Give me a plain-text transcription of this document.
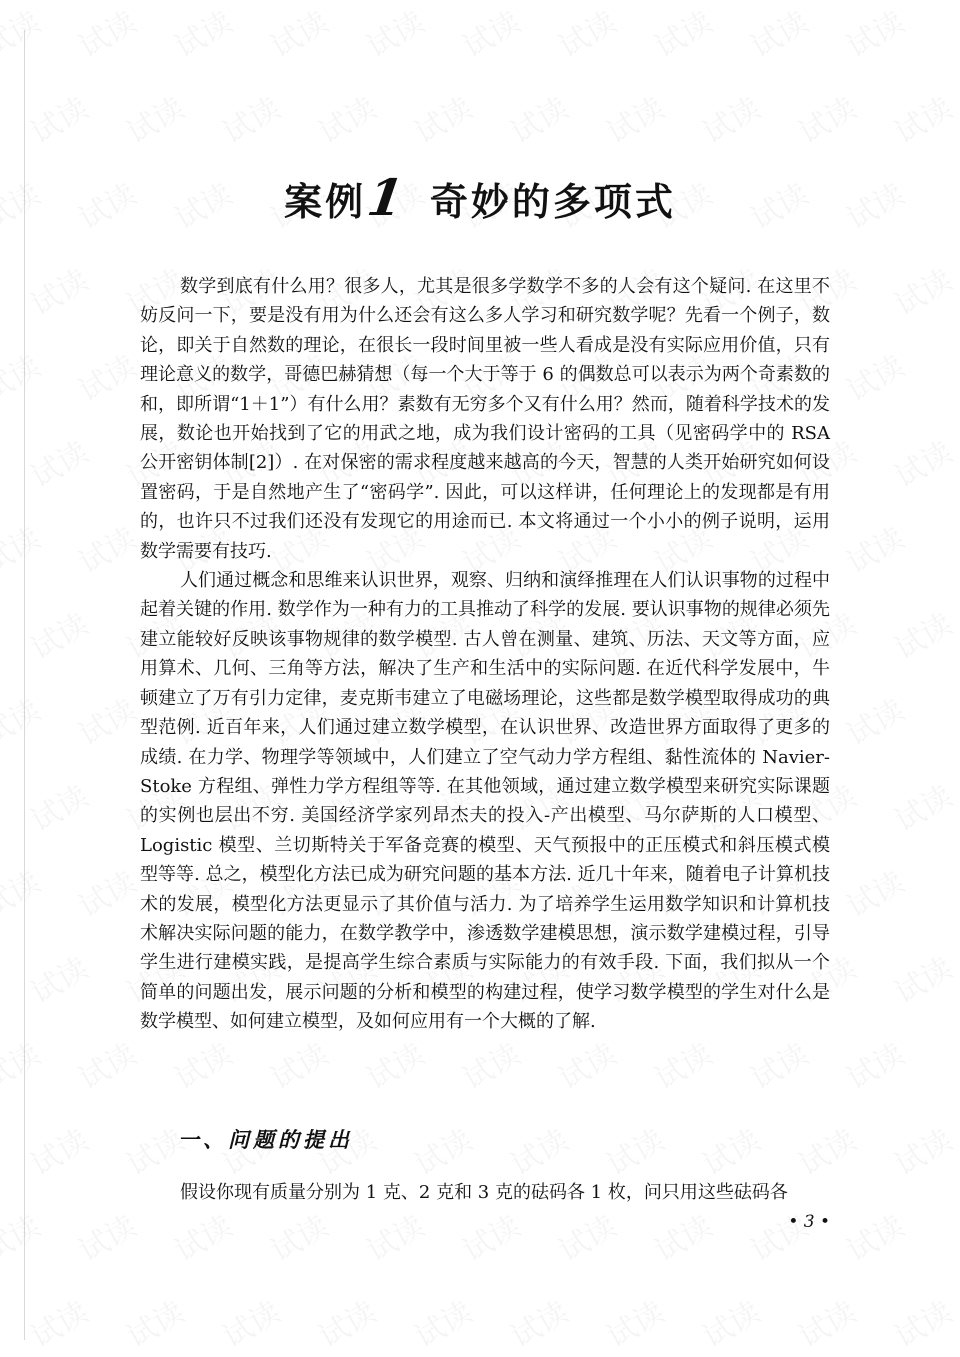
案例1 奇妙的多项式

数学到底有什么用？很多人，尤其是很多学数学不多的人会有这个疑问. 在这里不妨反问一下，要是没有用为什么还会有这么多人学习和研究数学呢？先看一个例子，数论，即关于自然数的理论，在很长一段时间里被一些人看成是没有实际应用价值，只有理论意义的数学，哥德巴赫猜想（每一个大于等于 6 的偶数总可以表示为两个奇素数的和，即所谓“1＋1”）有什么用？素数有无穷多个又有什么用？然而，随着科学技术的发展，数论也开始找到了它的用武之地，成为我们设计密码的工具（见密码学中的 RSA 公开密钥体制[2]）. 在对保密的需求程度越来越高的今天，智慧的人类开始研究如何设置密码，于是自然地产生了“密码学”. 因此，可以这样讲，任何理论上的发现都是有用的，也许只不过我们还没有发现它的用途而已. 本文将通过一个小小的例子说明，运用数学需要有技巧.

人们通过概念和思维来认识世界，观察、归纳和演绎推理在人们认识事物的过程中起着关键的作用. 数学作为一种有力的工具推动了科学的发展. 要认识事物的规律必须先建立能较好反映该事物规律的数学模型. 古人曾在测量、建筑、历法、天文等方面，应用算术、几何、三角等方法，解决了生产和生活中的实际问题. 在近代科学发展中，牛顿建立了万有引力定律，麦克斯韦建立了电磁场理论，这些都是数学模型取得成功的典型范例. 近百年来，人们通过建立数学模型，在认识世界、改造世界方面取得了更多的成绩. 在力学、物理学等领域中，人们建立了空气动力学方程组、黏性流体的 Navier-Stoke 方程组、弹性力学方程组等等. 在其他领域，通过建立数学模型来研究实际课题的实例也层出不穷. 美国经济学家列昂杰夫的投入-产出模型、马尔萨斯的人口模型、Logistic 模型、兰切斯特关于军备竞赛的模型、天气预报中的正压模式和斜压模式模型等等. 总之，模型化方法已成为研究问题的基本方法. 近几十年来，随着电子计算机技术的发展，模型化方法更显示了其价值与活力. 为了培养学生运用数学知识和计算机技术解决实际问题的能力，在数学教学中，渗透数学建模思想，演示数学建模过程，引导学生进行建模实践，是提高学生综合素质与实际能力的有效手段. 下面，我们拟从一个简单的问题出发，展示问题的分析和模型的构建过程，使学习数学模型的学生对什么是数学模型、如何建立模型，及如何应用有一个大概的了解.

一、问题的提出

假设你现有质量分别为 1 克、2 克和 3 克的砝码各 1 枚，问只用这些砝码各

• 3 •
